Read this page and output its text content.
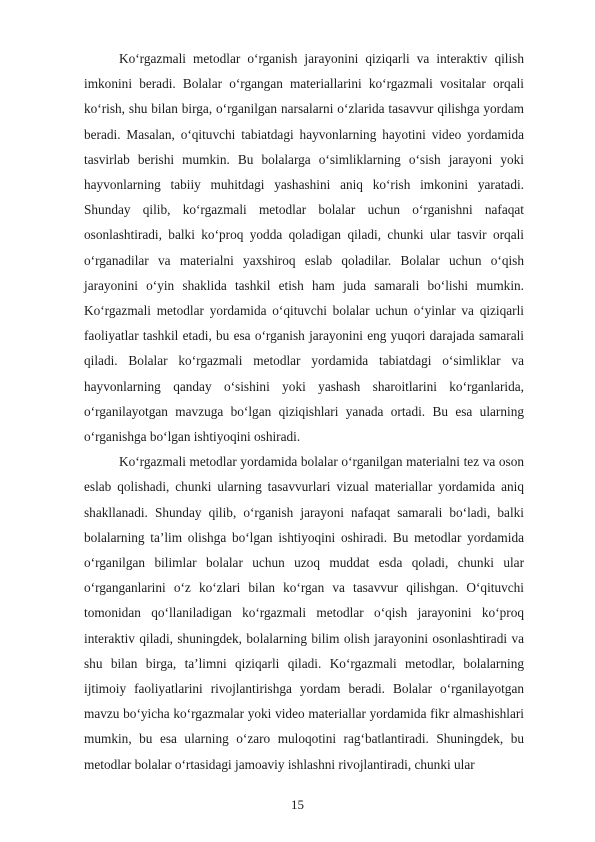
Ko‘rgazmali metodlar o‘rganish jarayonini qiziqarli va interaktiv qilish imkonini beradi. Bolalar o‘rgangan materiallarini ko‘rgazmali vositalar orqali ko‘rish, shu bilan birga, o‘rganilgan narsalarni o‘zlarida tasavvur qilishga yordam beradi. Masalan, o‘qituvchi tabiatdagi hayvonlarning hayotini video yordamida tasvirlab berishi mumkin. Bu bolalarga o‘simliklarning o‘sish jarayoni yoki hayvonlarning tabiiy muhitdagi yashashini aniq ko‘rish imkonini yaratadi. Shunday qilib, ko‘rgazmali metodlar bolalar uchun o‘rganishni nafaqat osonlashtiradi, balki ko‘proq yodda qoladigan qiladi, chunki ular tasvir orqali o‘rganadilar va materialni yaxshiroq eslab qoladilar. Bolalar uchun o‘qish jarayonini o‘yin shaklida tashkil etish ham juda samarali bo‘lishi mumkin. Ko‘rgazmali metodlar yordamida o‘qituvchi bolalar uchun o‘yinlar va qiziqarli faoliyatlar tashkil etadi, bu esa o‘rganish jarayonini eng yuqori darajada samarali qiladi. Bolalar ko‘rgazmali metodlar yordamida tabiatdagi o‘simliklar va hayvonlarning qanday o‘sishini yoki yashash sharoitlarini ko‘rganlarida, o‘rganilayotgan mavzuga bo‘lgan qiziqishlari yanada ortadi. Bu esa ularning o‘rganishga bo‘lgan ishtiyoqini oshiradi.

Ko‘rgazmali metodlar yordamida bolalar o‘rganilgan materialni tez va oson eslab qolishadi, chunki ularning tasavvurlari vizual materiallar yordamida aniq shakllanadi. Shunday qilib, o‘rganish jarayoni nafaqat samarali bo‘ladi, balki bolalarning ta’lim olishga bo‘lgan ishtiyoqini oshiradi. Bu metodlar yordamida o‘rganilgan bilimlar bolalar uchun uzoq muddat esda qoladi, chunki ular o‘rganganlarini o‘z ko‘zlari bilan ko‘rgan va tasavvur qilishgan. O‘qituvchi tomonidan qo‘llaniladigan ko‘rgazmali metodlar o‘qish jarayonini ko‘proq interaktiv qiladi, shuningdek, bolalarning bilim olish jarayonini osonlashtiradi va shu bilan birga, ta’limni qiziqarli qiladi. Ko‘rgazmali metodlar, bolalarning ijtimoiy faoliyatlarini rivojlantirishga yordam beradi. Bolalar o‘rganilayotgan mavzu bo‘yicha ko‘rgazmalar yoki video materiallar yordamida fikr almashishlari mumkin, bu esa ularning o‘zaro muloqotini rag‘batlantiradi. Shuningdek, bu metodlar bolalar o‘rtasidagi jamoaviy ishlashni rivojlantiradi, chunki ular

15
